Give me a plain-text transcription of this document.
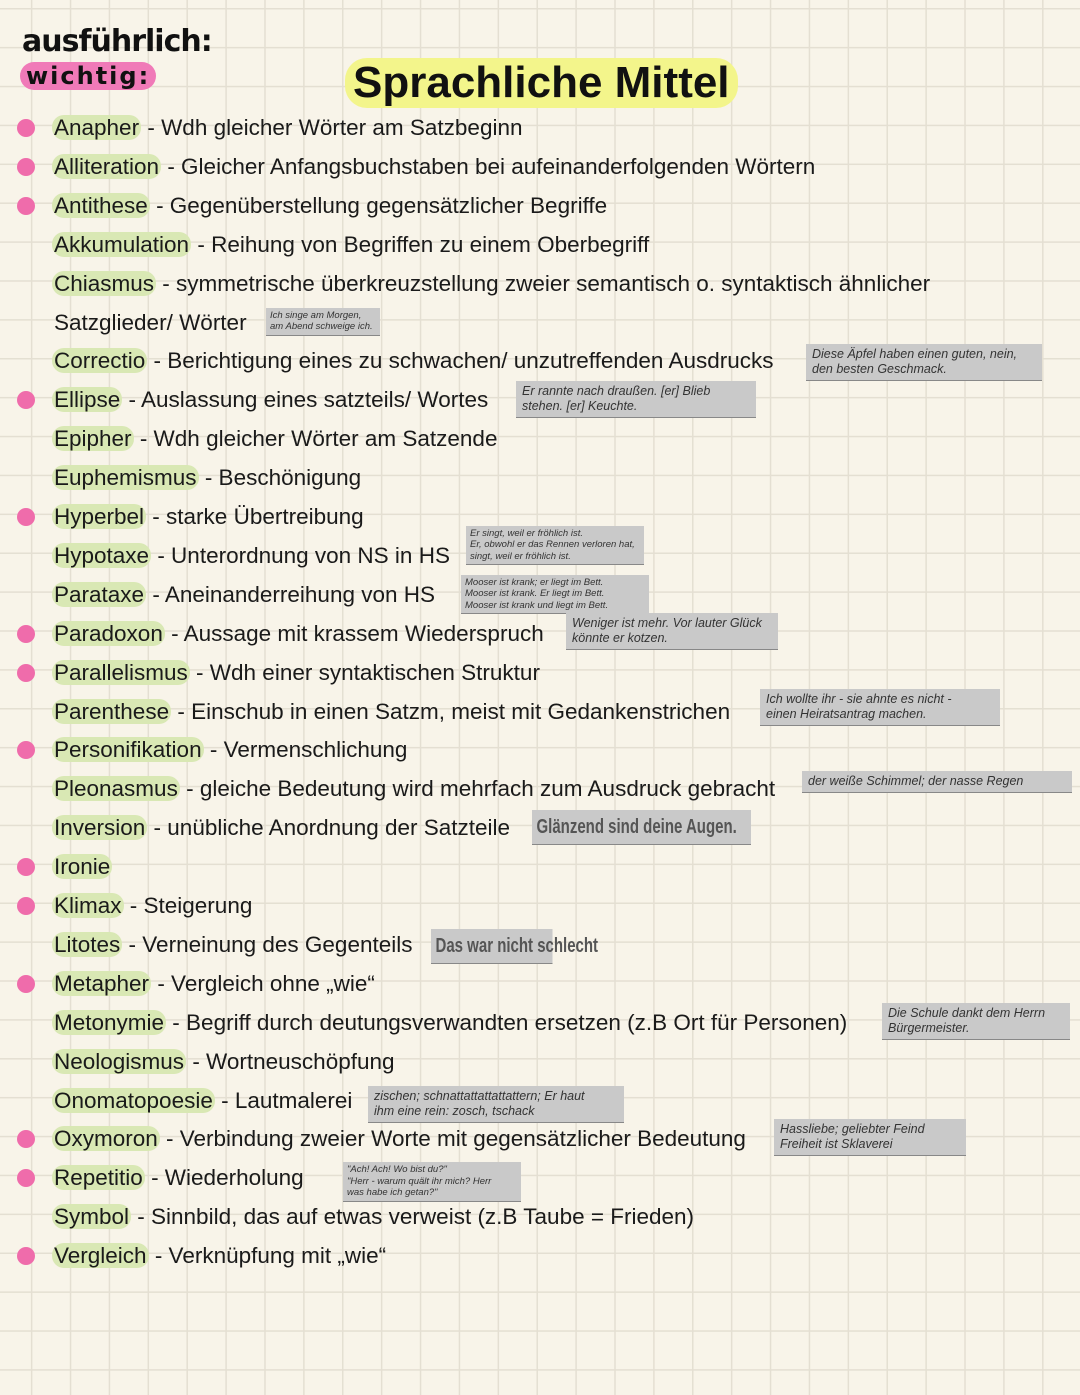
ausführlich:
wichtig:	Sprachliche Mittel
Anapher - Wdh gleicher Wörter am Satzbeginn
Alliteration - Gleicher Anfangsbuchstaben bei aufeinanderfolgenden Wörtern
Antithese - Gegenüberstellung gegensätzlicher Begriffe
Akkumulation - Reihung von Begriffen zu einem Oberbegriff
Chiasmus - symmetrische überkreuzstellung zweier semantisch o. syntaktisch ähnlicher
Satzglieder/ Wörter	Ich singe am Morgen,
am Abend schweige ich.
Correctio - Berichtigung eines zu schwachen/ unzutreffenden Ausdrucks	Diese Äpfel haben einen guten, nein,
den besten Geschmack.
Ellipse - Auslassung eines satzteils/ Wortes	Er rannte nach draußen. [er] Blieb
stehen. [er] Keuchte.
Epipher - Wdh gleicher Wörter am Satzende
Euphemismus - Beschönigung
Hyperbel - starke Übertreibung
Hypotaxe - Unterordnung von NS in HS
Er singt, weil er fröhlich ist.
Er, obwohl er das Rennen verloren hat,
singt, weil er fröhlich ist.
Parataxe - Aneinanderreihung von HS	Mooser ist krank; er liegt im Bett.
Mooser ist krank. Er liegt im Bett.
Mooser ist krank und liegt im Bett.
Paradoxon - Aussage mit krassem Wiederspruch	Weniger ist mehr. Vor lauter Glück
könnte er kotzen.
Parallelismus - Wdh einer syntaktischen Struktur
Parenthese - Einschub in einen Satzm, meist mit Gedankenstrichen	Ich wollte ihr - sie ahnte es nicht -
einen Heiratsantrag machen.
Personifikation - Vermenschlichung
Pleonasmus - gleiche Bedeutung wird mehrfach zum Ausdruck gebracht	der weiße Schimmel; der nasse Regen
Inversion - unübliche Anordnung der Satzteile Glänzend sind deine Augen.
Ironie
Klimax - Steigerung
Litotes - Verneinung des Gegenteils Das war nicht schlecht
Metapher - Vergleich ohne „wie“
Metonymie - Begriff durch deutungsverwandten ersetzen (z.B Ort für Personen)	Die Schule dankt dem Herrn
Bürgermeister.
Neologismus - Wortneuschöpfung
Onomatopoesie - Lautmalerei	zischen; schnattattattattattern; Er haut
ihm eine rein: zosch, tschack
Oxymoron - Verbindung zweier Worte mit gegensätzlicher Bedeutung	Hassliebe; geliebter Feind
Freiheit ist Sklaverei
Repetitio - Wiederholung	"Ach! Ach! Wo bist du?"
"Herr - warum quält ihr mich? Herr
was habe ich getan?"
Symbol - Sinnbild, das auf etwas verweist (z.B Taube = Frieden)
Vergleich - Verknüpfung mit „wie“
